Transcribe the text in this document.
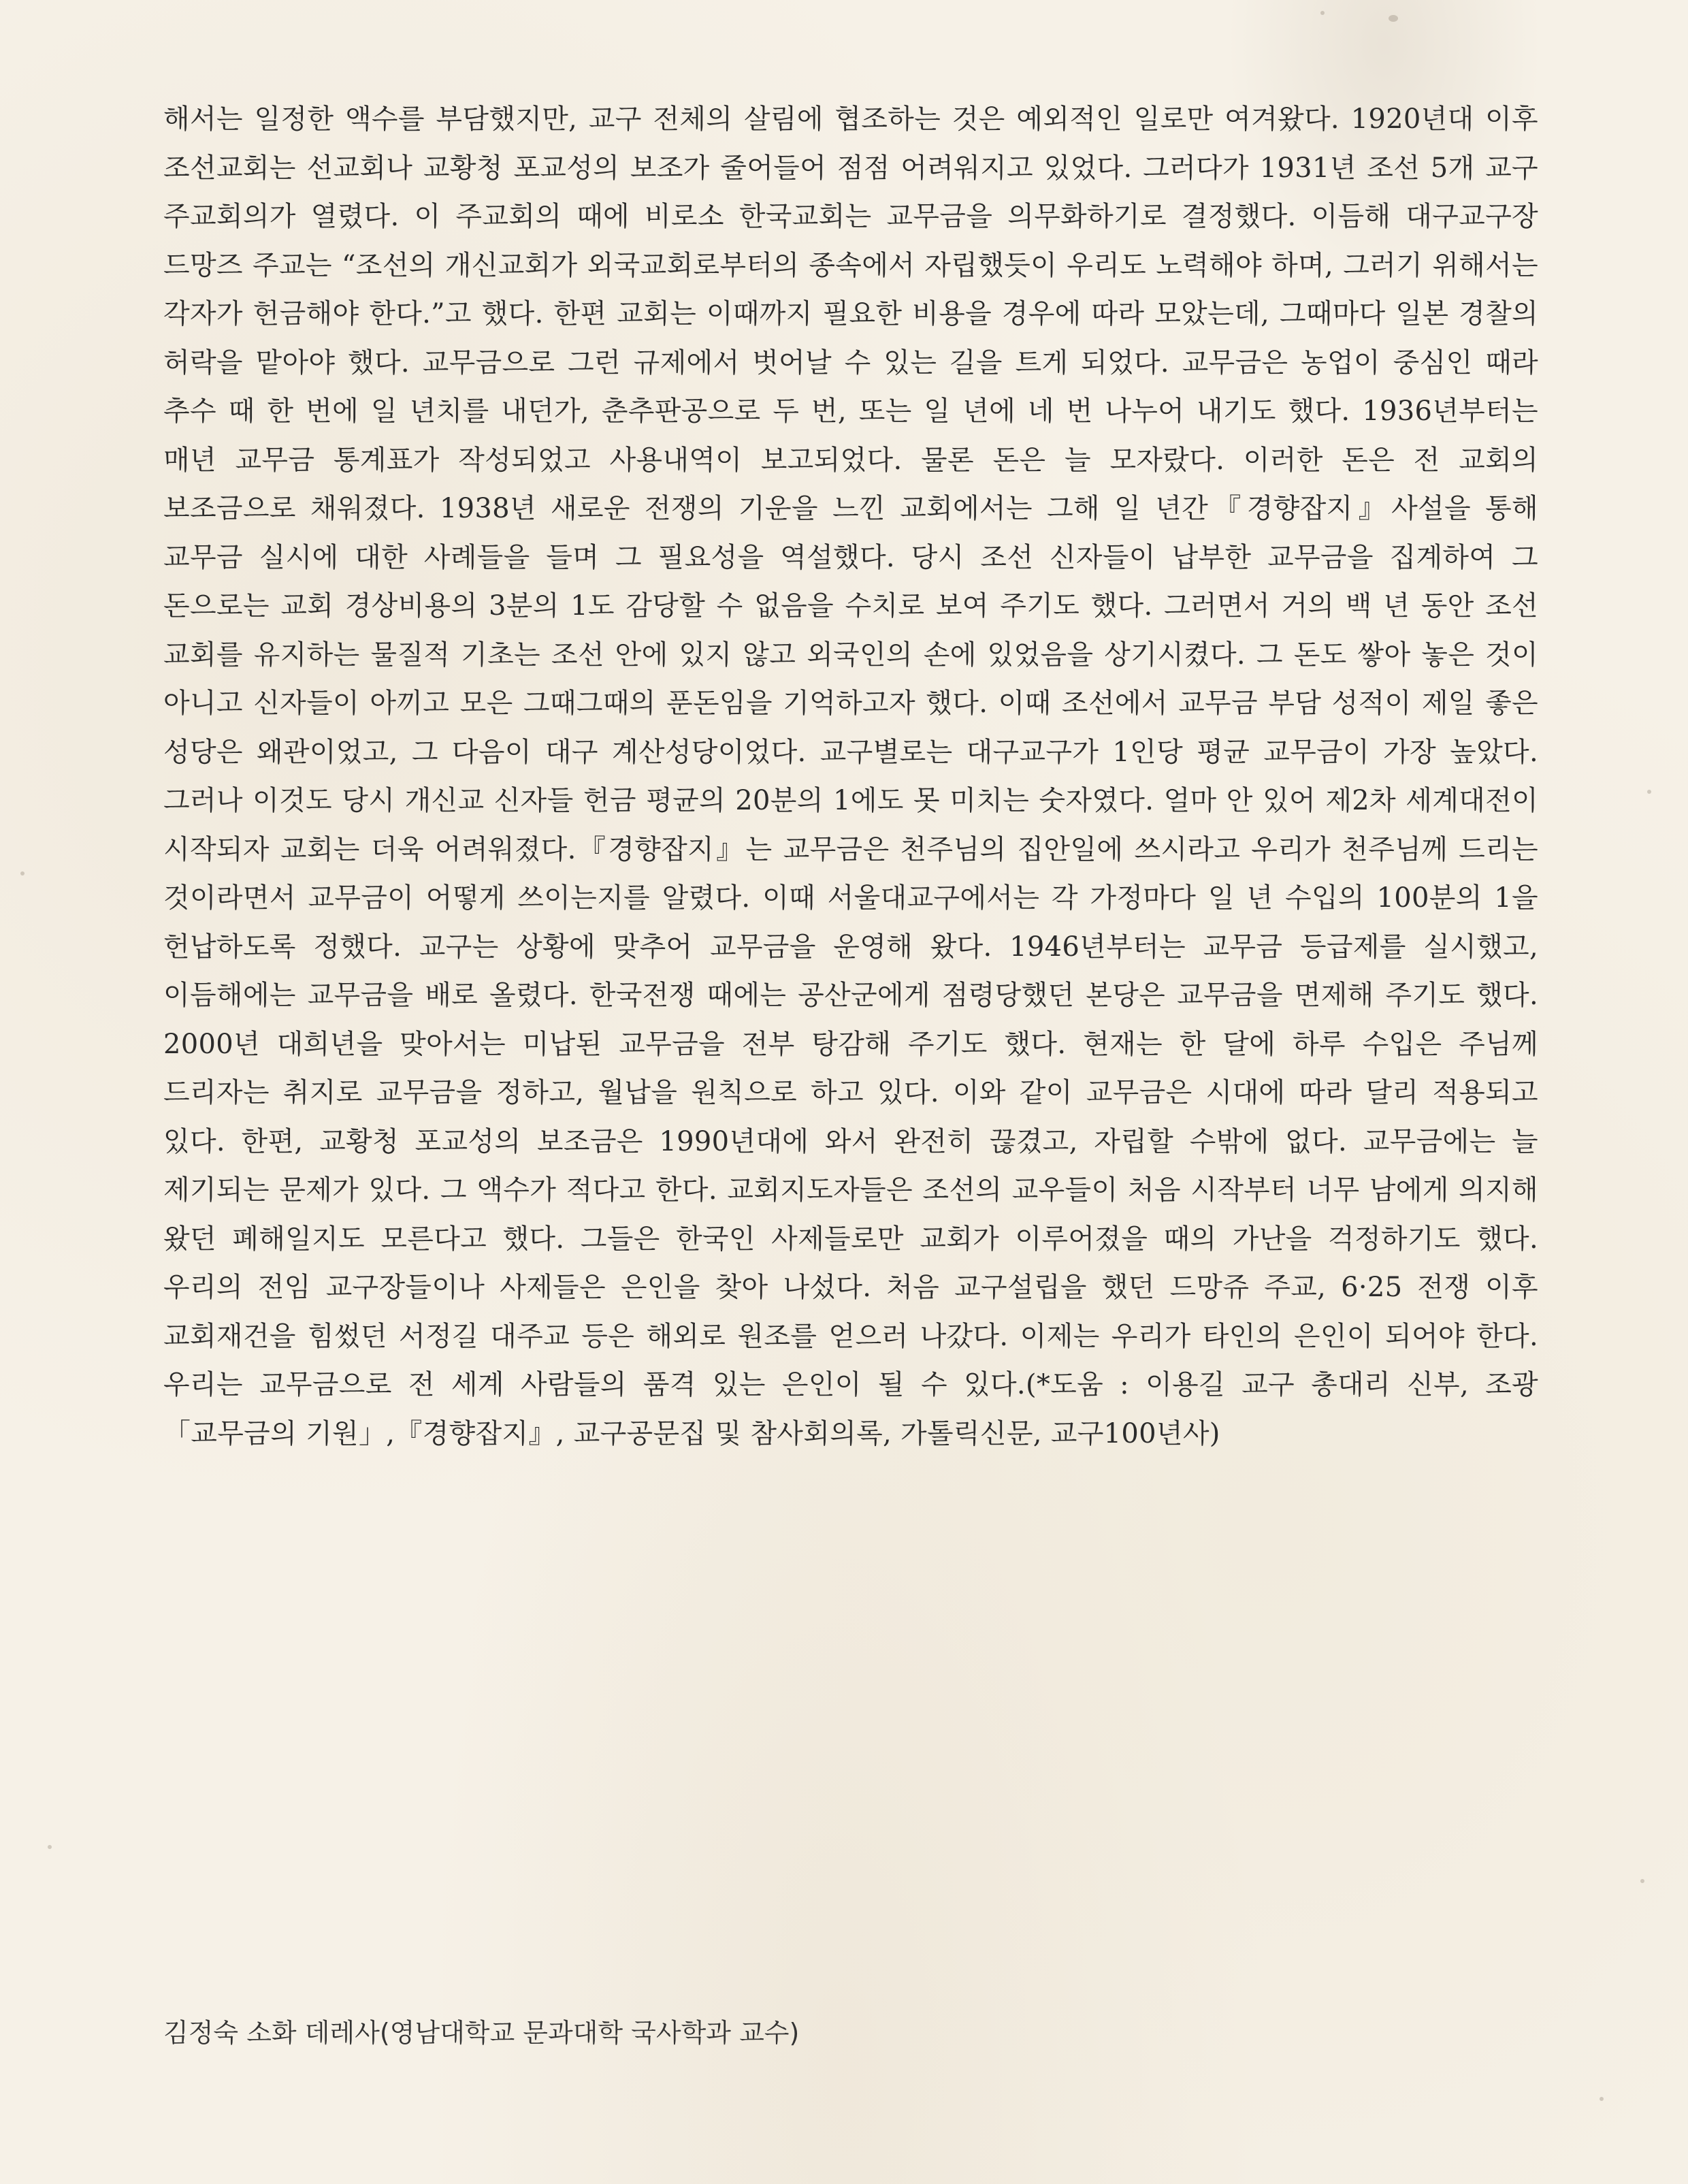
해서는 일정한 액수를 부담했지만, 교구 전체의 살림에 협조하는 것은 예외적인 일로만 여겨왔다. 1920년대 이후 조선교회는 선교회나 교황청 포교성의 보조가 줄어들어 점점 어려워지고 있었다. 그러다가 1931년 조선 5개 교구 주교회의가 열렸다. 이 주교회의 때에 비로소 한국교회는 교무금을 의무화하기로 결정했다. 이듬해 대구교구장 드망즈 주교는 “조선의 개신교회가 외국교회로부터의 종속에서 자립했듯이 우리도 노력해야 하며, 그러기 위해서는 각자가 헌금해야 한다.”고 했다. 한편 교회는 이때까지 필요한 비용을 경우에 따라 모았는데, 그때마다 일본 경찰의 허락을 맡아야 했다. 교무금으로 그런 규제에서 벗어날 수 있는 길을 트게 되었다. 교무금은 농업이 중심인 때라 추수 때 한 번에 일 년치를 내던가, 춘추판공으로 두 번, 또는 일 년에 네 번 나누어 내기도 했다. 1936년부터는 매년 교무금 통계표가 작성되었고 사용내역이 보고되었다. 물론 돈은 늘 모자랐다. 이러한 돈은 전 교회의 보조금으로 채워졌다. 1938년 새로운 전쟁의 기운을 느낀 교회에서는 그해 일 년간『경향잡지』사설을 통해 교무금 실시에 대한 사례들을 들며 그 필요성을 역설했다. 당시 조선 신자들이 납부한 교무금을 집계하여 그 돈으로는 교회 경상비용의 3분의 1도 감당할 수 없음을 수치로 보여 주기도 했다. 그러면서 거의 백 년 동안 조선 교회를 유지하는 물질적 기초는 조선 안에 있지 않고 외국인의 손에 있었음을 상기시켰다. 그 돈도 쌓아 놓은 것이 아니고 신자들이 아끼고 모은 그때그때의 푼돈임을 기억하고자 했다. 이때 조선에서 교무금 부담 성적이 제일 좋은 성당은 왜관이었고, 그 다음이 대구 계산성당이었다. 교구별로는 대구교구가 1인당 평균 교무금이 가장 높았다. 그러나 이것도 당시 개신교 신자들 헌금 평균의 20분의 1에도 못 미치는 숫자였다. 얼마 안 있어 제2차 세계대전이 시작되자 교회는 더욱 어려워졌다.『경향잡지』는 교무금은 천주님의 집안일에 쓰시라고 우리가 천주님께 드리는 것이라면서 교무금이 어떻게 쓰이는지를 알렸다. 이때 서울대교구에서는 각 가정마다 일 년 수입의 100분의 1을 헌납하도록 정했다. 교구는 상황에 맞추어 교무금을 운영해 왔다. 1946년부터는 교무금 등급제를 실시했고, 이듬해에는 교무금을 배로 올렸다. 한국전쟁 때에는 공산군에게 점령당했던 본당은 교무금을 면제해 주기도 했다. 2000년 대희년을 맞아서는 미납된 교무금을 전부 탕감해 주기도 했다. 현재는 한 달에 하루 수입은 주님께 드리자는 취지로 교무금을 정하고, 월납을 원칙으로 하고 있다. 이와 같이 교무금은 시대에 따라 달리 적용되고 있다. 한편, 교황청 포교성의 보조금은 1990년대에 와서 완전히 끊겼고, 자립할 수밖에 없다. 교무금에는 늘 제기되는 문제가 있다. 그 액수가 적다고 한다. 교회지도자들은 조선의 교우들이 처음 시작부터 너무 남에게 의지해 왔던 폐해일지도 모른다고 했다. 그들은 한국인 사제들로만 교회가 이루어졌을 때의 가난을 걱정하기도 했다. 우리의 전임 교구장들이나 사제들은 은인을 찾아 나섰다. 처음 교구설립을 했던 드망쥬 주교, 6·25 전쟁 이후 교회재건을 힘썼던 서정길 대주교 등은 해외로 원조를 얻으러 나갔다. 이제는 우리가 타인의 은인이 되어야 한다. 우리는 교무금으로 전 세계 사람들의 품격 있는 은인이 될 수 있다.(*도움 : 이용길 교구 총대리 신부, 조광「교무금의 기원」,『경향잡지』, 교구공문집 및 참사회의록, 가톨릭신문, 교구100년사)

김정숙 소화 데레사(영남대학교 문과대학 국사학과 교수)
